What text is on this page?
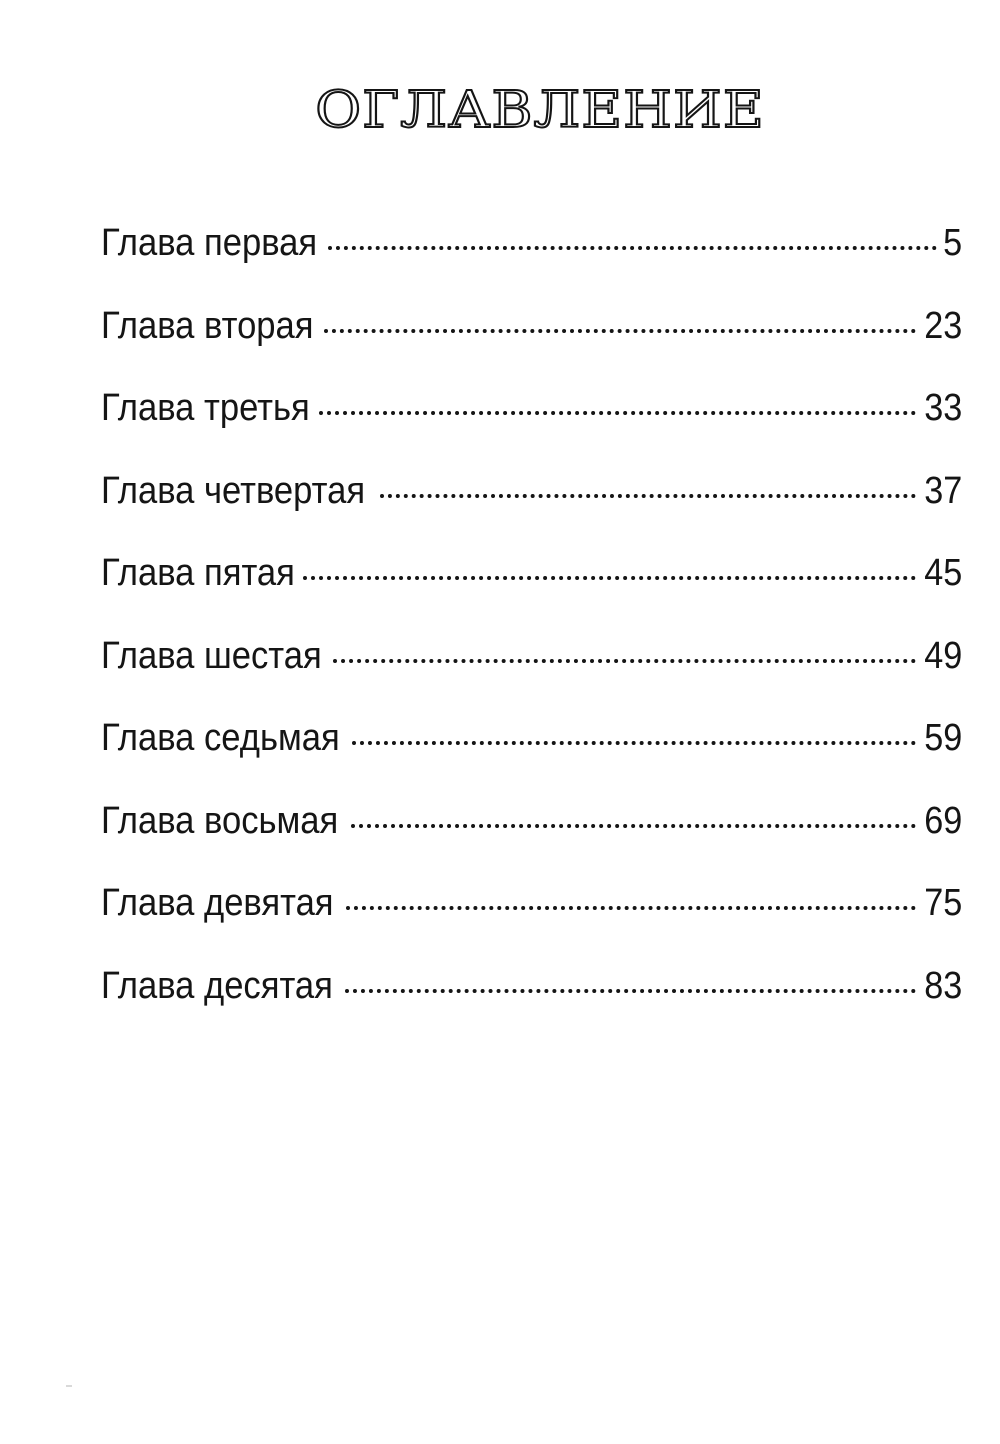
ОГЛАВЛЕНИЕ
Глава первая	5
Глава вторая	23
Глава третья	33
Глава четвертая	37
Глава пятая	45
Глава шестая	49
Глава седьмая	59
Глава восьмая	69
Глава девятая	75
Глава десятая	83
